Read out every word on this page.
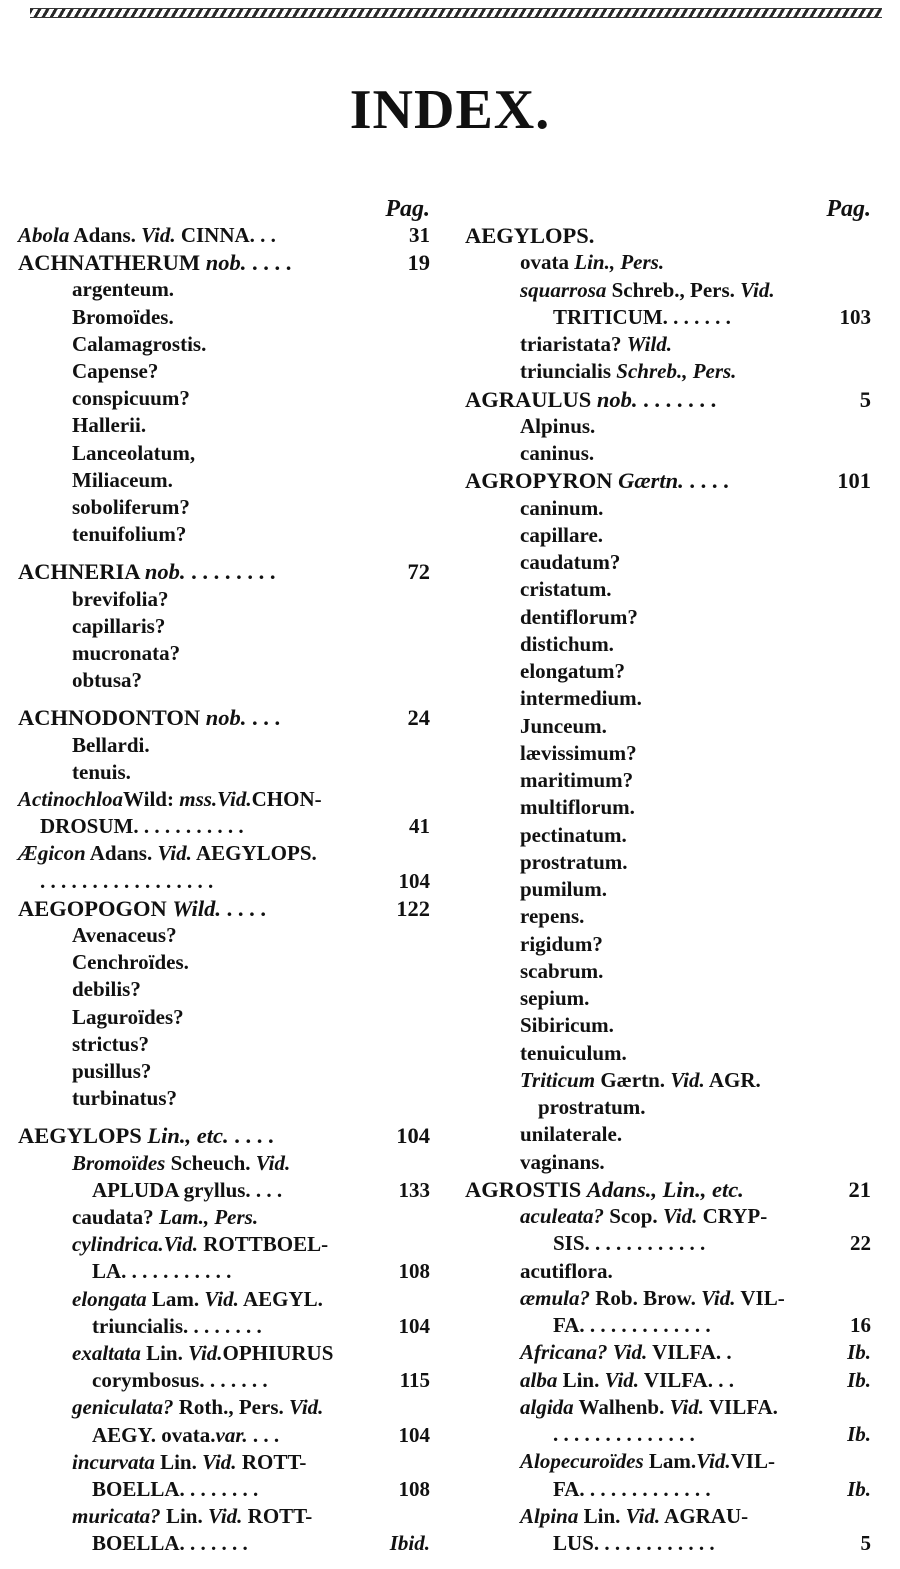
INDEX.
Pag.
Abola Adans. Vid. CINNA. . .	31
ACHNATHERUM nob. . . . .	19
argenteum.
Bromoïdes.
Calamagrostis.
Capense?
conspicuum?
Hallerii.
Lanceolatum,
Miliaceum.
soboliferum?
tenuifolium?
ACHNERIA nob. . . . . . . . .	72
brevifolia?
capillaris?
mucronata?
obtusa?
ACHNODONTON nob. . . .	24
Bellardi.
tenuis.
ActinochloaWild: mss.Vid.CHON-
DROSUM. . . . . . . . . . .	41
Ægicon Adans. Vid. AEGYLOPS.
. . . . . . . . . . . . . . . . .	104
AEGOPOGON Wild. . . . .	122
Avenaceus?
Cenchroïdes.
debilis?
Laguroïdes?
strictus?
pusillus?
turbinatus?
AEGYLOPS Lin., etc. . . . .	104
Bromoïdes Scheuch. Vid.
APLUDA gryllus. . . .	133
caudata? Lam., Pers.
cylindrica.Vid. ROTTBOEL-
LA. . . . . . . . . . .	108
elongata Lam. Vid. AEGYL.
triuncialis. . . . . . . .	104
exaltata Lin. Vid.OPHIURUS
corymbosus. . . . . . .	115
geniculata? Roth., Pers. Vid.
AEGY. ovata.var. . . .	104
incurvata Lin. Vid. ROTT-
BOELLA. . . . . . . .	108
muricata? Lin. Vid. ROTT-
BOELLA. . . . . . .	Ibid.
Pag.
AEGYLOPS.
ovata Lin., Pers.
squarrosa Schreb., Pers. Vid.
TRITICUM. . . . . . .	103
triaristata? Wild.
triuncialis Schreb., Pers.
AGRAULUS nob. . . . . . . .	5
Alpinus.
caninus.
AGROPYRON Gærtn. . . . .	101
caninum.
capillare.
caudatum?
cristatum.
dentiflorum?
distichum.
elongatum?
intermedium.
Junceum.
lævissimum?
maritimum?
multiflorum.
pectinatum.
prostratum.
pumilum.
repens.
rigidum?
scabrum.
sepium.
Sibiricum.
tenuiculum.
Triticum Gærtn. Vid. AGR.
prostratum.
unilaterale.
vaginans.
AGROSTIS Adans., Lin., etc.	21
aculeata? Scop. Vid. CRYP-
SIS. . . . . . . . . . . .	22
acutiflora.
æmula? Rob. Brow. Vid. VIL-
FA. . . . . . . . . . . . .	16
Africana? Vid. VILFA. .	Ib.
alba Lin. Vid. VILFA. . .	Ib.
algida Walhenb. Vid. VILFA.
. . . . . . . . . . . . . .	Ib.
Alopecuroïdes Lam.Vid.VIL-
FA. . . . . . . . . . . . .	Ib.
Alpina Lin. Vid. AGRAU-
LUS. . . . . . . . . . . .	5
